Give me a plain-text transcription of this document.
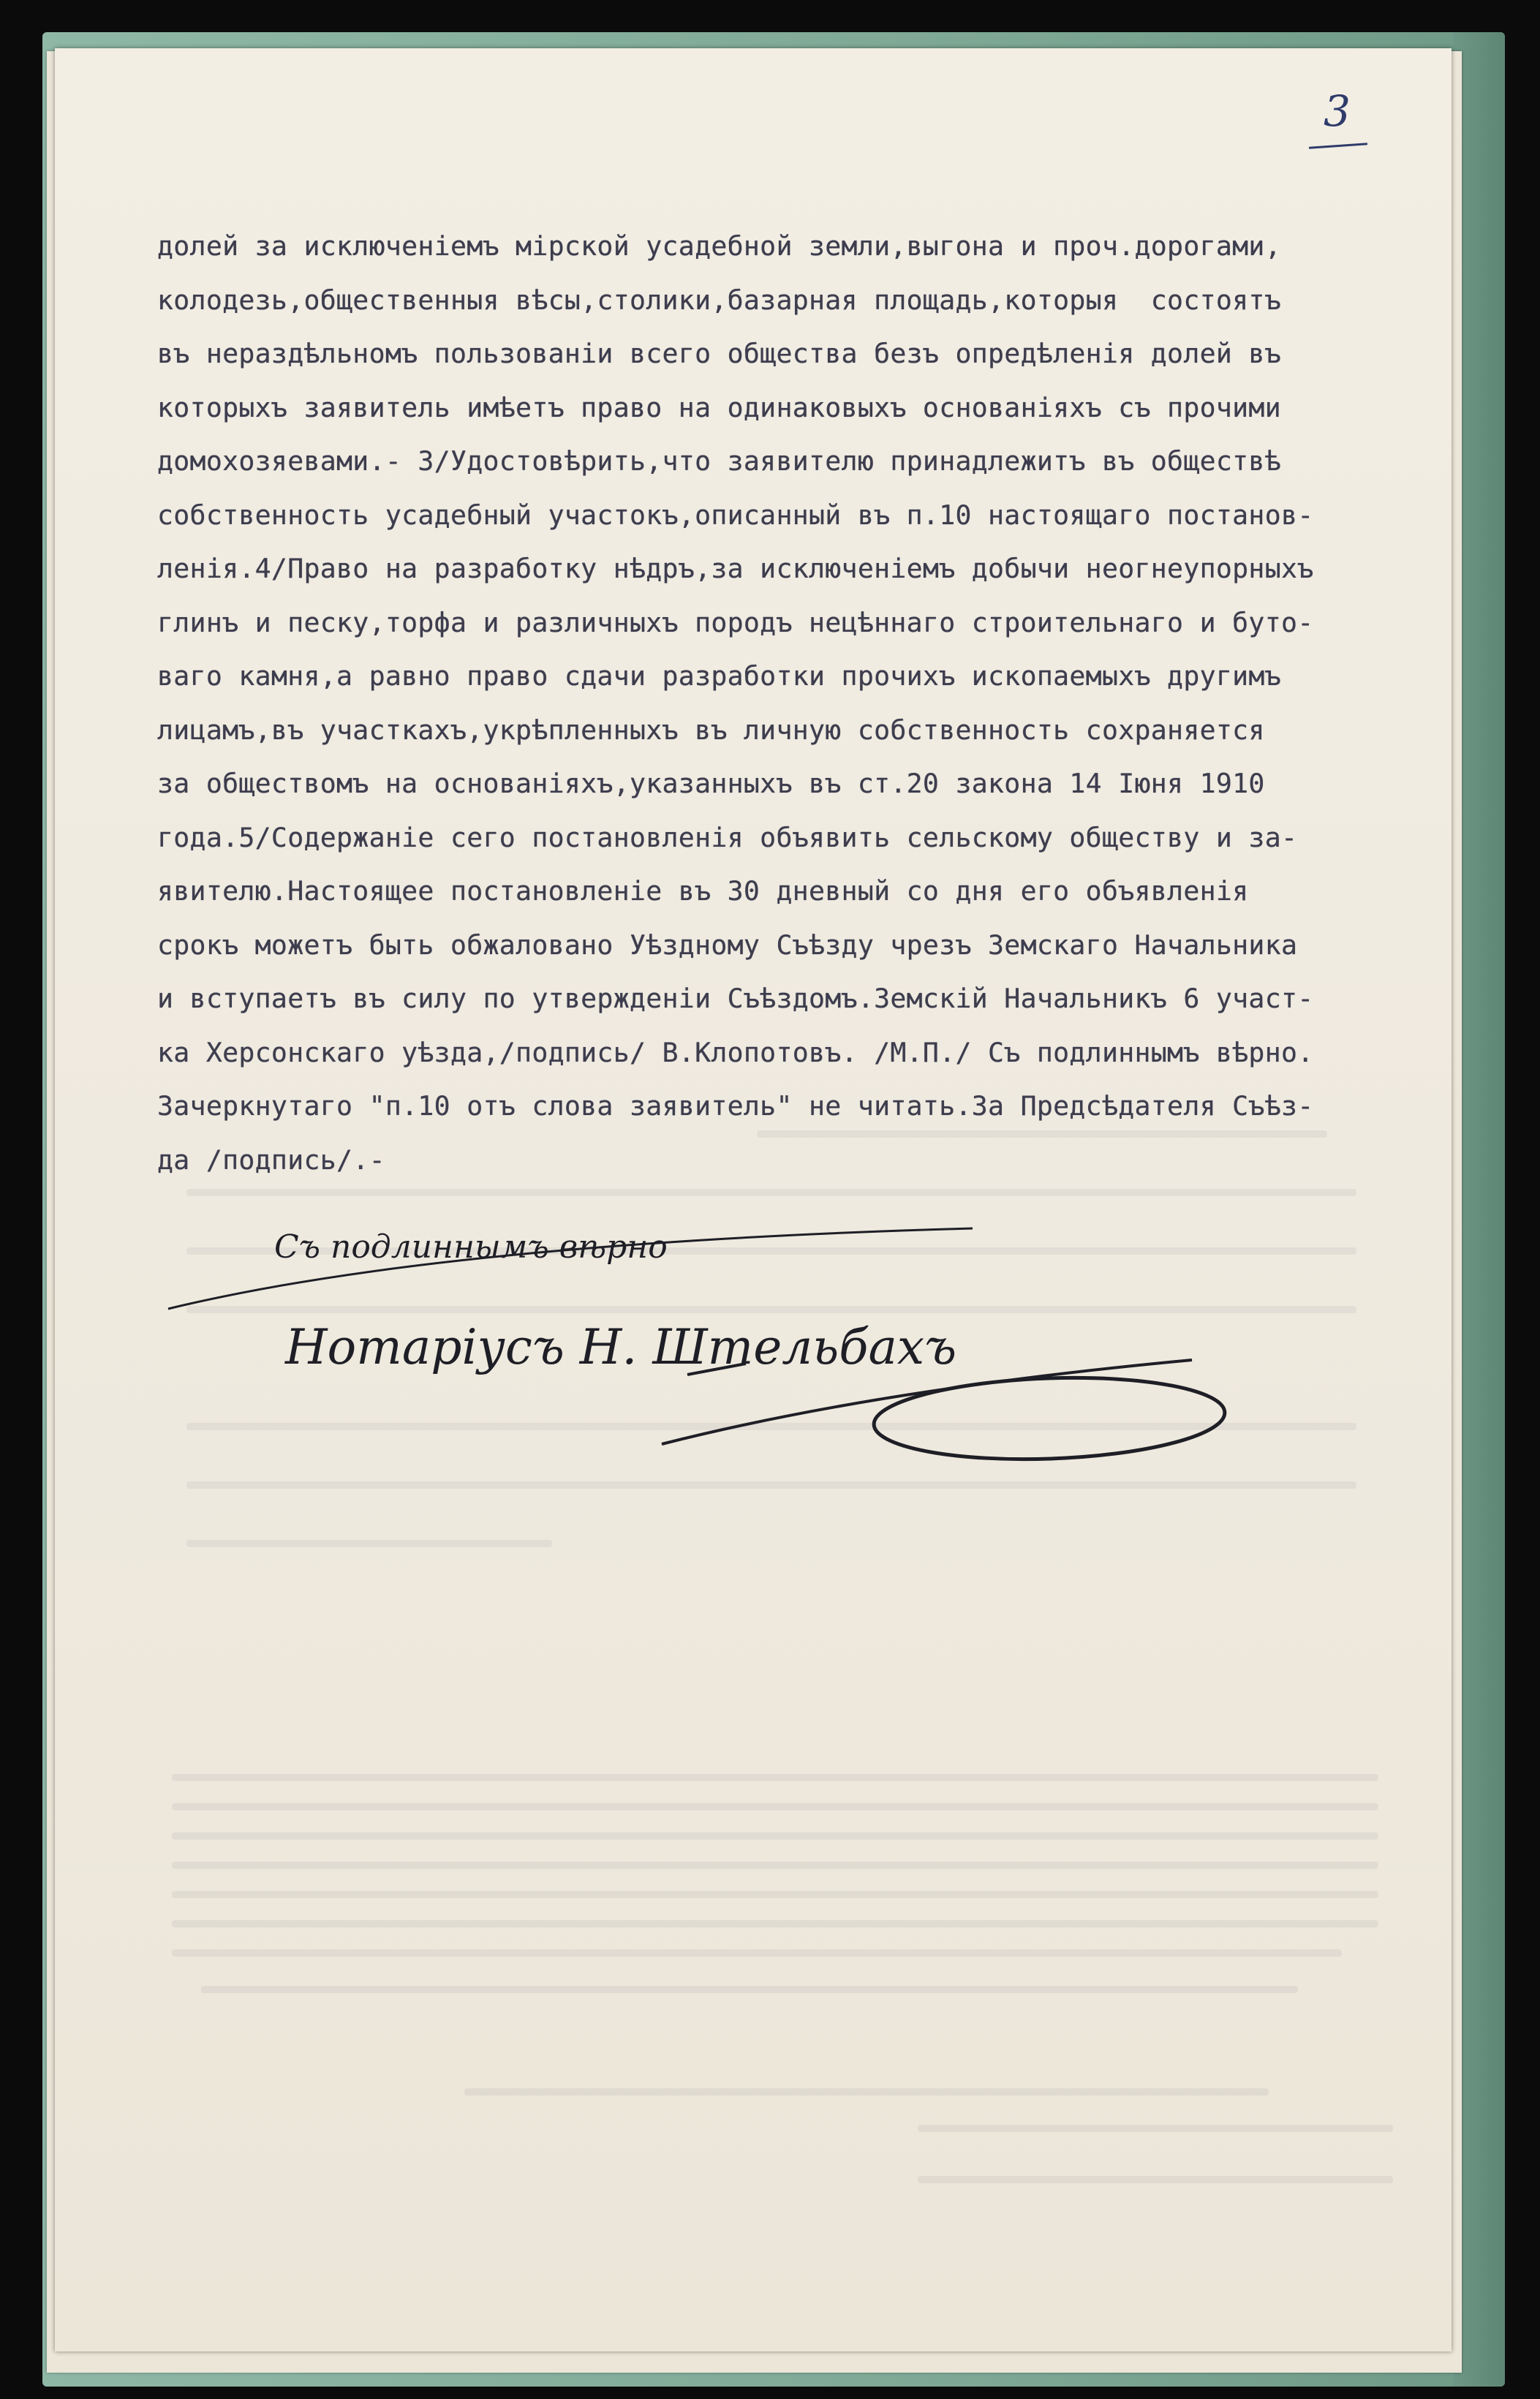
3
долей за исключеніемъ мірской усадебной земли,выгона и проч.дорогами,
колодезь,общественныя вѣсы,столики,базарная площадь,которыя  состоятъ
въ нераздѣльномъ пользованіи всего общества безъ опредѣленія долей въ
которыхъ заявитель имѣетъ право на одинаковыхъ основаніяхъ съ прочими
домохозяевами.- 3/Удостовѣрить,что заявителю принадлежитъ въ обществѣ
собственность усадебный участокъ,описанный въ п.10 настоящаго постанов-
ленія.4/Право на разработку нѣдръ,за исключеніемъ добычи неогнеупорныхъ
глинъ и песку,торфа и различныхъ породъ нецѣннаго строительнаго и буто-
ваго камня,а равно право сдачи разработки прочихъ ископаемыхъ другимъ
лицамъ,въ участкахъ,укрѣпленныхъ въ личную собственность сохраняется
за обществомъ на основаніяхъ,указанныхъ въ ст.20 закона 14 Іюня 1910
года.5/Содержаніе сего постановленія объявить сельскому обществу и за-
явителю.Настоящее постановленіе въ 30 дневный со дня его объявленія
срокъ можетъ быть обжаловано Уѣздному Съѣзду чрезъ Земскаго Начальника
и вступаетъ въ силу по утвержденіи Съѣздомъ.Земскій Начальникъ 6 участ-
ка Херсонскаго уѣзда,/подпись/ В.Клопотовъ. /М.П./ Съ подлиннымъ вѣрно.
Зачеркнутаго "п.10 отъ слова заявитель" не читать.За Предсѣдателя Съѣз-
да /подпись/.-
Съ подлиннымъ вѣрно
Нотаріусъ Н. Штельбахъ
